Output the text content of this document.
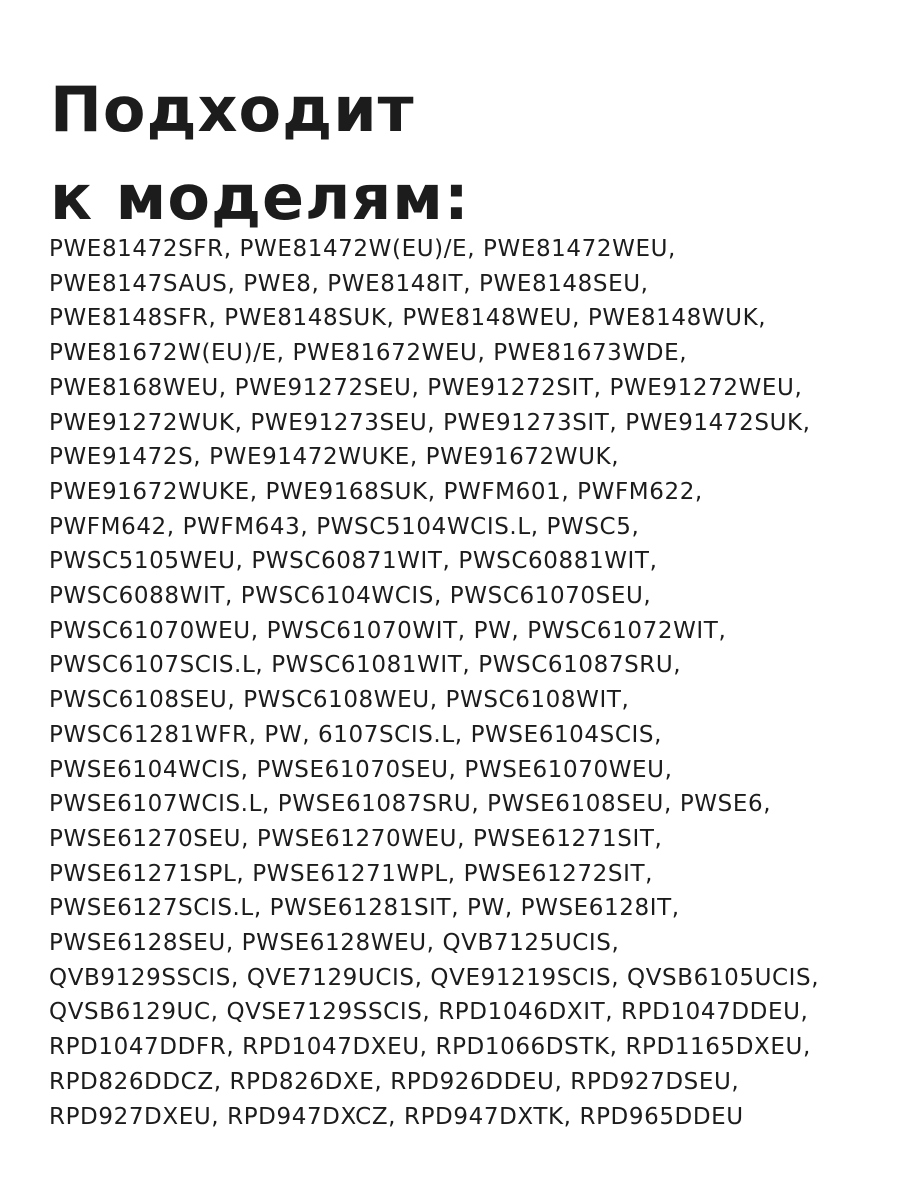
Подходит
к моделям:
PWE81472SFR, PWE81472W(EU)/E, PWE81472WEU,
PWE8147SAUS, PWE8, PWE8148IT, PWE8148SEU,
PWE8148SFR, PWE8148SUK, PWE8148WEU, PWE8148WUK,
PWE81672W(EU)/E, PWE81672WEU, PWE81673WDE,
PWE8168WEU, PWE91272SEU, PWE91272SIT, PWE91272WEU,
PWE91272WUK, PWE91273SEU, PWE91273SIT, PWE91472SUK,
PWE91472S, PWE91472WUKE, PWE91672WUK,
PWE91672WUKE, PWE9168SUK, PWFM601, PWFM622,
PWFM642, PWFM643, PWSC5104WCIS.L, PWSC5,
PWSC5105WEU, PWSC60871WIT, PWSC60881WIT,
PWSC6088WIT, PWSC6104WCIS, PWSC61070SEU,
PWSC61070WEU, PWSC61070WIT, PW, PWSC61072WIT,
PWSC6107SCIS.L, PWSC61081WIT, PWSC61087SRU,
PWSC6108SEU, PWSC6108WEU, PWSC6108WIT,
PWSC61281WFR, PW, 6107SCIS.L, PWSE6104SCIS,
PWSE6104WCIS, PWSE61070SEU, PWSE61070WEU,
PWSE6107WCIS.L, PWSE61087SRU, PWSE6108SEU, PWSE6,
PWSE61270SEU, PWSE61270WEU, PWSE61271SIT,
PWSE61271SPL, PWSE61271WPL, PWSE61272SIT,
PWSE6127SCIS.L, PWSE61281SIT, PW, PWSE6128IT,
PWSE6128SEU, PWSE6128WEU, QVB7125UCIS,
QVB9129SSCIS, QVE7129UCIS, QVE91219SCIS, QVSB6105UCIS,
QVSB6129UC, QVSE7129SSCIS, RPD1046DXIT, RPD1047DDEU,
RPD1047DDFR, RPD1047DXEU, RPD1066DSTK, RPD1165DXEU,
RPD826DDCZ, RPD826DXE, RPD926DDEU, RPD927DSEU,
RPD927DXEU, RPD947DXCZ, RPD947DXTK, RPD965DDEU
